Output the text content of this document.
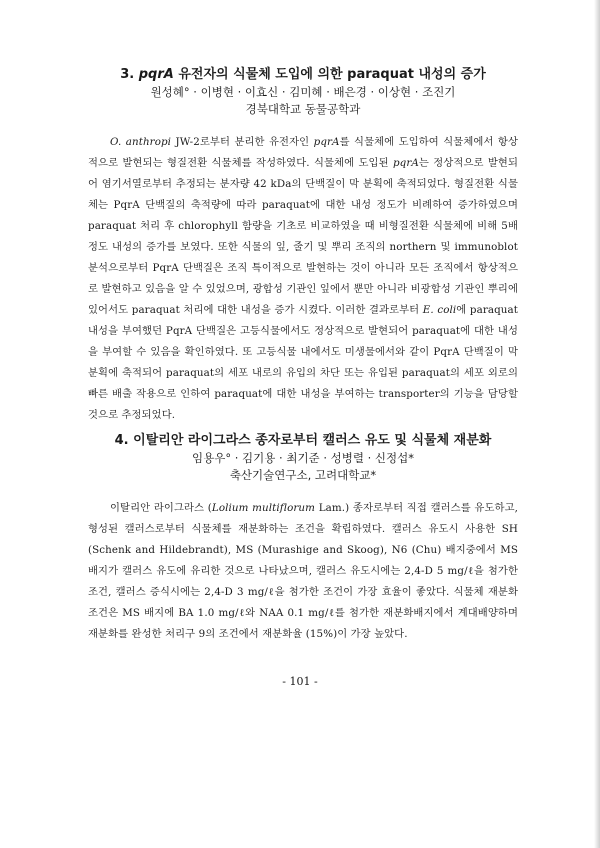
3. pqrA 유전자의 식물체 도입에 의한 paraquat 내성의 증가

원성혜° · 이병현 · 이효신 · 김미혜 · 배은경 · 이상현 · 조진기

경북대학교 동물공학과

O. anthropi JW-2로부터 분리한 유전자인 pqrA를 식물체에 도입하여 식물체에서 항상적으로 발현되는 형질전환 식물체를 작성하였다. 식물체에 도입된 pqrA는 정상적으로 발현되어 염기서열로부터 추정되는 분자량 42 kDa의 단백질이 막 분획에 축적되었다. 형질전환 식물체는 PqrA 단백질의 축적량에 따라 paraquat에 대한 내성 정도가 비례하여 증가하였으며 paraquat 처리 후 chlorophyll 함량을 기초로 비교하였을 때 비형질전환 식물체에 비해 5배정도 내성의 증가를 보였다. 또한 식물의 잎, 줄기 및 뿌리 조직의 northern 및 immunoblot 분석으로부터 PqrA 단백질은 조직 특이적으로 발현하는 것이 아니라 모든 조직에서 항상적으로 발현하고 있음을 알 수 있었으며, 광합성 기관인 잎에서 뿐만 아니라 비광합성 기관인 뿌리에 있어서도 paraquat 처리에 대한 내성을 증가 시켰다. 이러한 결과로부터 E. coli에 paraquat 내성을 부여했던 PqrA 단백질은 고등식물에서도 정상적으로 발현되어 paraquat에 대한 내성을 부여할 수 있음을 확인하였다. 또 고등식물 내에서도 미생물에서와 같이 PqrA 단백질이 막 분획에 축적되어 paraquat의 세포 내로의 유입의 차단 또는 유입된 paraquat의 세포 외로의 빠른 배출 작용으로 인하여 paraquat에 대한 내성을 부여하는 transporter의 기능을 담당할 것으로 추정되었다.

4. 이탈리안 라이그라스 종자로부터 캘러스 유도 및 식물체 재분화

임용우° · 김기용 · 최기준 · 성병렬 · 신정섭*

축산기술연구소, 고려대학교*

이탈리안 라이그라스 (Lolium multiflorum Lam.) 종자로부터 직접 캘러스를 유도하고, 형성된 캘러스로부터 식물체를 재분화하는 조건을 확립하였다. 캘러스 유도시 사용한 SH (Schenk and Hildebrandt), MS (Murashige and Skoog), N6 (Chu) 배지중에서 MS 배지가 캘러스 유도에 유리한 것으로 나타났으며, 캘러스 유도시에는 2,4-D 5 mg/ℓ을 첨가한 조건, 캘러스 증식시에는 2,4-D 3 mg/ℓ을 첨가한 조건이 가장 효율이 좋았다. 식물체 재분화 조건은 MS 배지에 BA 1.0 mg/ℓ와 NAA 0.1 mg/ℓ를 첨가한 재분화배지에서 계대배양하며 재분화를 완성한 처리구 9의 조건에서 재분화율 (15%)이 가장 높았다.

- 101 -
